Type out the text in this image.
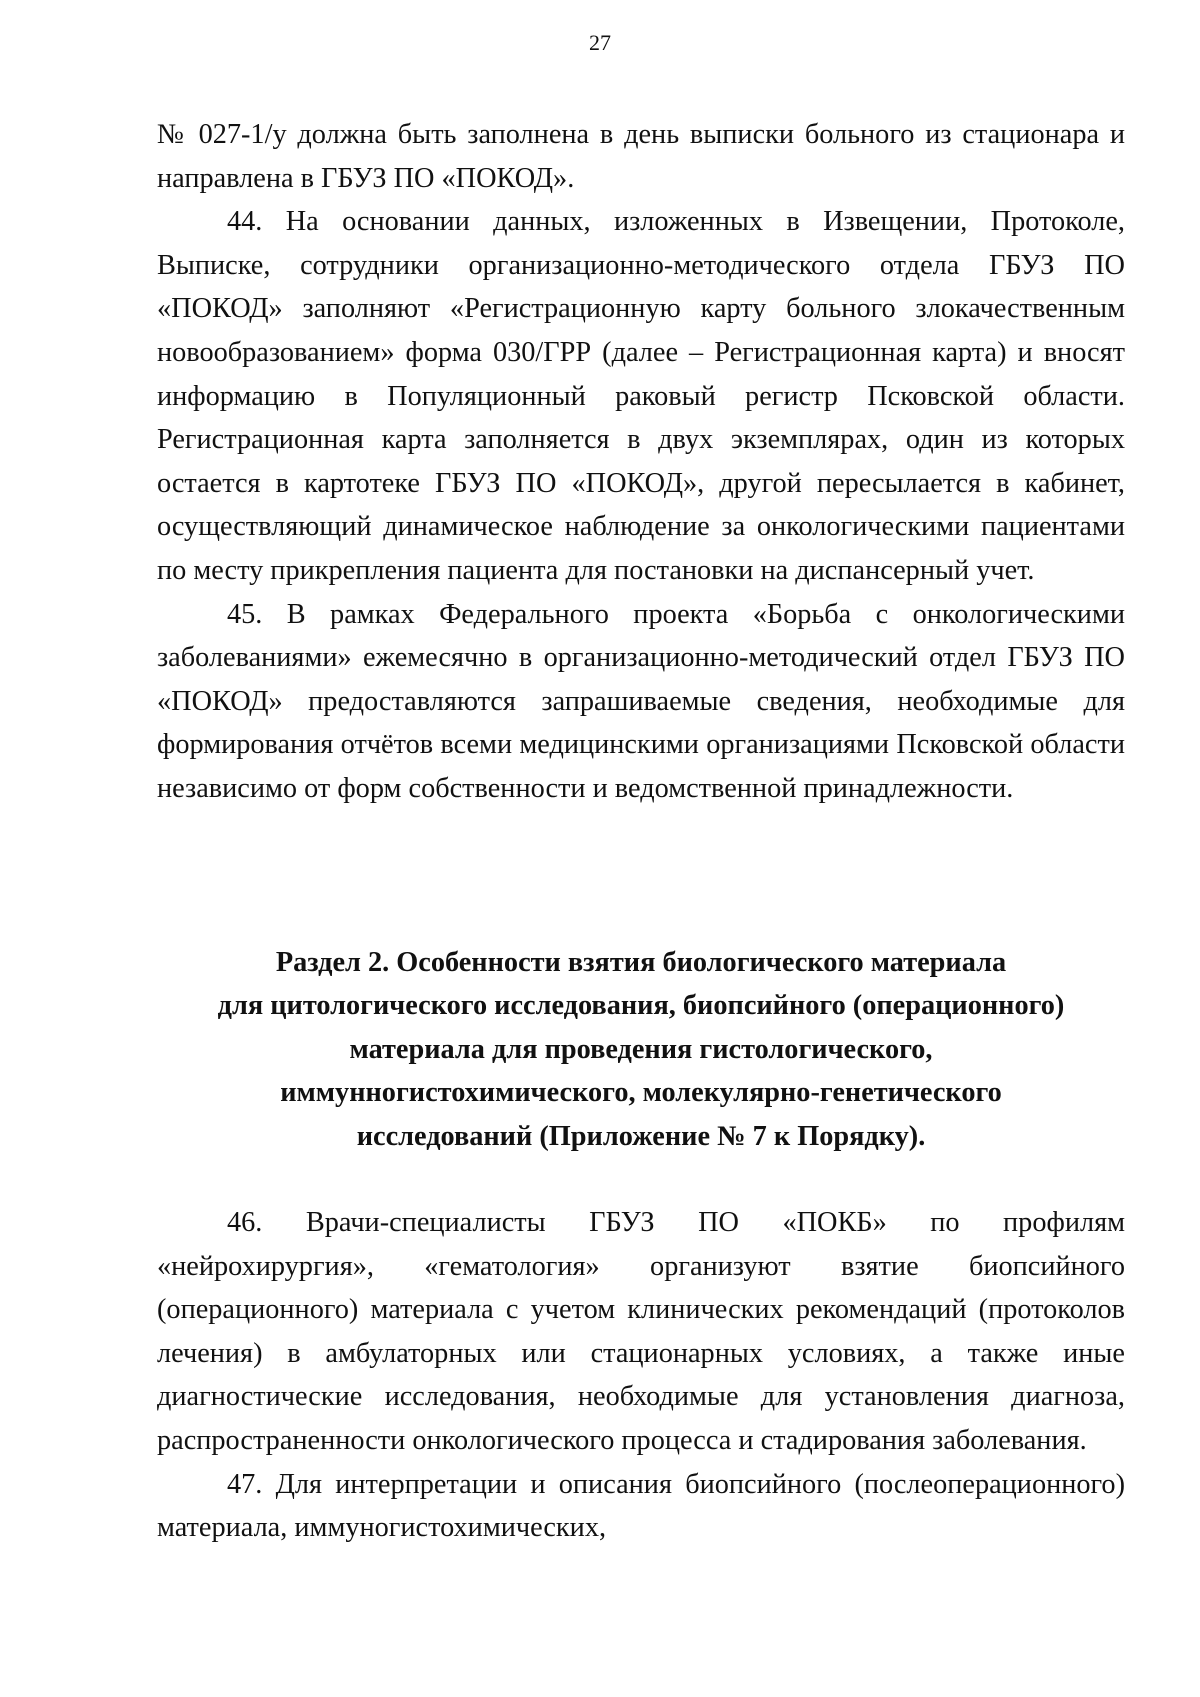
27

№ 027-1/у должна быть заполнена в день выписки больного из стационара и направлена в ГБУЗ ПО «ПОКОД».

44. На основании данных, изложенных в Извещении, Протоколе, Выписке, сотрудники организационно-методического отдела ГБУЗ ПО «ПОКОД» заполняют «Регистрационную карту больного злокачественным новообразованием» форма 030/ГРР (далее – Регистрационная карта) и вносят информацию в Популяционный раковый регистр Псковской области. Регистрационная карта заполняется в двух экземплярах, один из которых остается в картотеке ГБУЗ ПО «ПОКОД», другой пересылается в кабинет, осуществляющий динамическое наблюдение за онкологическими пациентами по месту прикрепления пациента для постановки на диспансерный учет.

45. В рамках Федерального проекта «Борьба с онкологическими заболеваниями» ежемесячно в организационно-методический отдел ГБУЗ ПО «ПОКОД» предоставляются запрашиваемые сведения, необходимые для формирования отчётов всеми медицинскими организациями Псковской области независимо от форм собственности и ведомственной принадлежности.

Раздел 2. Особенности взятия биологического материала
для цитологического исследования, биопсийного (операционного)
материала для проведения гистологического,
иммунногистохимического, молекулярно-генетического
исследований (Приложение № 7 к Порядку).

46. Врачи-специалисты ГБУЗ ПО «ПОКБ» по профилям «нейрохирургия», «гематология» организуют взятие биопсийного (операционного) материала с учетом клинических рекомендаций (протоколов лечения) в амбулаторных или стационарных условиях, а также иные диагностические исследования, необходимые для установления диагноза, распространенности онкологического процесса и стадирования заболевания.

47. Для интерпретации и описания биопсийного (послеоперационного) материала, иммуногистохимических,
